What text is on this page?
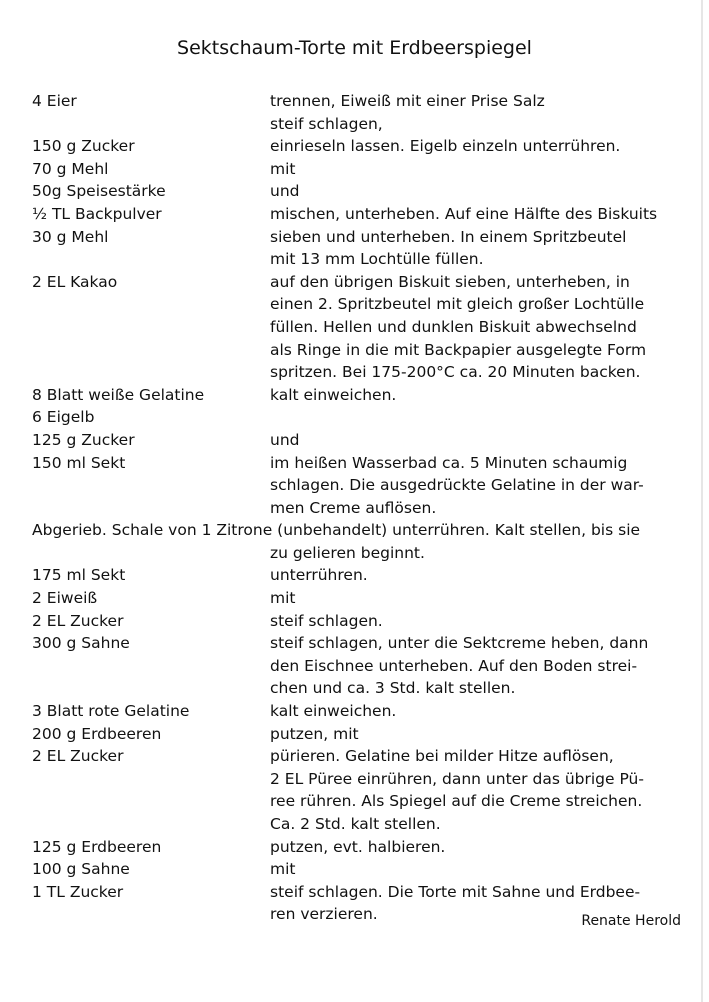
Sektschaum-Torte mit Erdbeerspiegel
4 Eier	trennen, Eiweiß mit einer Prise Salz
steif schlagen,
150 g Zucker	einrieseln lassen. Eigelb einzeln unterrühren.
70 g Mehl	mit
50g Speisestärke	und
½ TL Backpulver	mischen, unterheben. Auf eine Hälfte des Biskuits
30 g Mehl	sieben und unterheben. In einem Spritzbeutel
mit 13 mm Lochtülle füllen.
2 EL Kakao	auf den übrigen Biskuit sieben, unterheben, in
einen 2. Spritzbeutel mit gleich großer Lochtülle
füllen. Hellen und dunklen Biskuit abwechselnd
als Ringe in die mit Backpapier ausgelegte Form
spritzen. Bei 175-200°C ca. 20 Minuten backen.
8 Blatt weiße Gelatine	kalt einweichen.
6 Eigelb

125 g Zucker	und
150 ml Sekt	im heißen Wasserbad ca. 5 Minuten schaumig
schlagen. Die ausgedrückte Gelatine in der war-
men Creme auflösen.
Abgerieb. Schale von 1 Zitrone (unbehandelt) unterrühren. Kalt stellen, bis sie
zu gelieren beginnt.
175 ml Sekt	unterrühren.
2 Eiweiß	mit
2 EL Zucker	steif schlagen.
300 g Sahne	steif schlagen, unter die Sektcreme heben, dann
den Eischnee unterheben. Auf den Boden strei-
chen und ca. 3 Std. kalt stellen.
3 Blatt rote Gelatine	kalt einweichen.
200 g Erdbeeren	putzen, mit
2 EL Zucker	pürieren. Gelatine bei milder Hitze auflösen,
2 EL Püree einrühren, dann unter das übrige Pü-
ree rühren. Als Spiegel auf die Creme streichen.
Ca. 2 Std. kalt stellen.
125 g Erdbeeren	putzen, evt. halbieren.
100 g Sahne	mit
1 TL Zucker	steif schlagen. Die Torte mit Sahne und Erdbee-
ren verzieren.	Renate Herold
